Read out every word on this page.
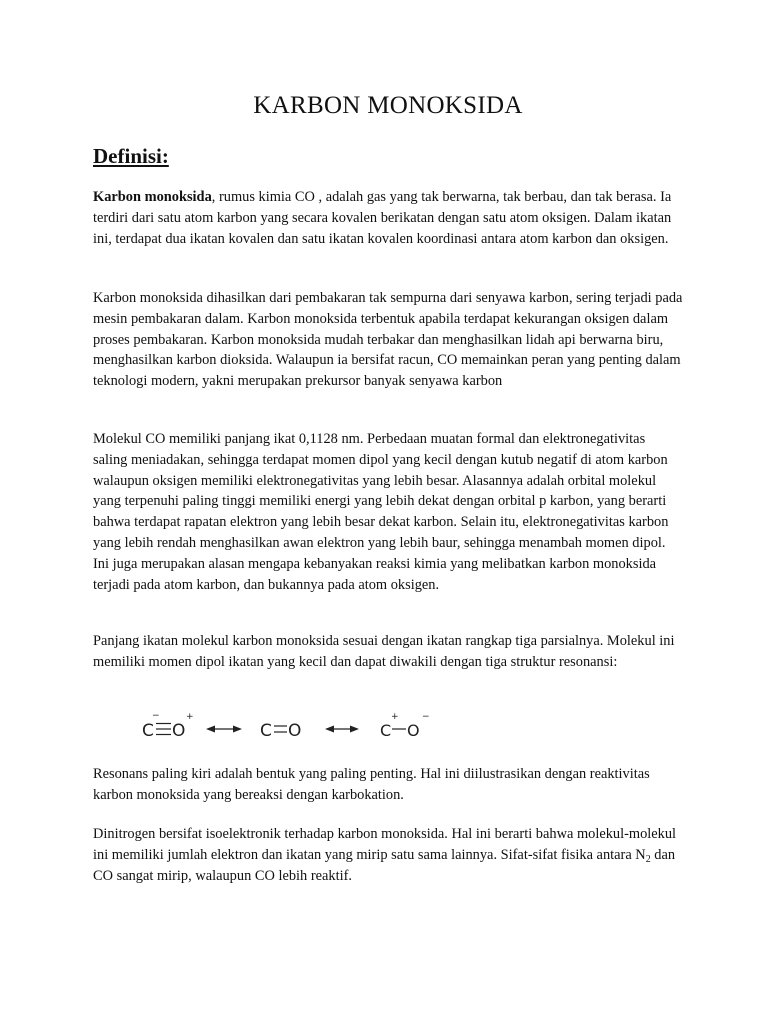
KARBON MONOKSIDA
Definisi:

Karbon monoksida, rumus kimia CO , adalah gas yang tak berwarna, tak berbau, dan tak berasa. Ia terdiri dari satu atom karbon yang secara kovalen berikatan dengan satu atom oksigen. Dalam ikatan ini, terdapat dua ikatan kovalen dan satu ikatan kovalen koordinasi antara atom karbon dan oksigen.

Karbon monoksida dihasilkan dari pembakaran tak sempurna dari senyawa karbon, sering terjadi pada mesin pembakaran dalam. Karbon monoksida terbentuk apabila terdapat kekurangan oksigen dalam proses pembakaran. Karbon monoksida mudah terbakar dan menghasilkan lidah api berwarna biru, menghasilkan karbon dioksida. Walaupun ia bersifat racun, CO memainkan peran yang penting dalam teknologi modern, yakni merupakan prekursor banyak senyawa karbon

Molekul CO memiliki panjang ikat 0,1128 nm. Perbedaan muatan formal dan elektronegativitas saling meniadakan, sehingga terdapat momen dipol yang kecil dengan kutub negatif di atom karbon walaupun oksigen memiliki elektronegativitas yang lebih besar. Alasannya adalah orbital molekul yang terpenuhi paling tinggi memiliki energi yang lebih dekat dengan orbital p karbon, yang berarti bahwa terdapat rapatan elektron yang lebih besar dekat karbon. Selain itu, elektronegativitas karbon yang lebih rendah menghasilkan awan elektron yang lebih baur, sehingga menambah momen dipol. Ini juga merupakan alasan mengapa kebanyakan reaksi kimia yang melibatkan karbon monoksida terjadi pada atom karbon, dan bukannya pada atom oksigen.

Panjang ikatan molekul karbon monoksida sesuai dengan ikatan rangkap tiga parsialnya. Molekul ini memiliki momen dipol ikatan yang kecil dan dapat diwakili dengan tiga struktur resonansi:

Resonans paling kiri adalah bentuk yang paling penting. Hal ini diilustrasikan dengan reaktivitas karbon monoksida yang bereaksi dengan karbokation.

Dinitrogen bersifat isoelektronik terhadap karbon monoksida. Hal ini berarti bahwa molekul-molekul ini memiliki jumlah elektron dan ikatan yang mirip satu sama lainnya. Sifat-sifat fisika antara $N_2$ dan CO sangat mirip, walaupun CO lebih reaktif.

−
C O
+
C O	C
+
O
−
